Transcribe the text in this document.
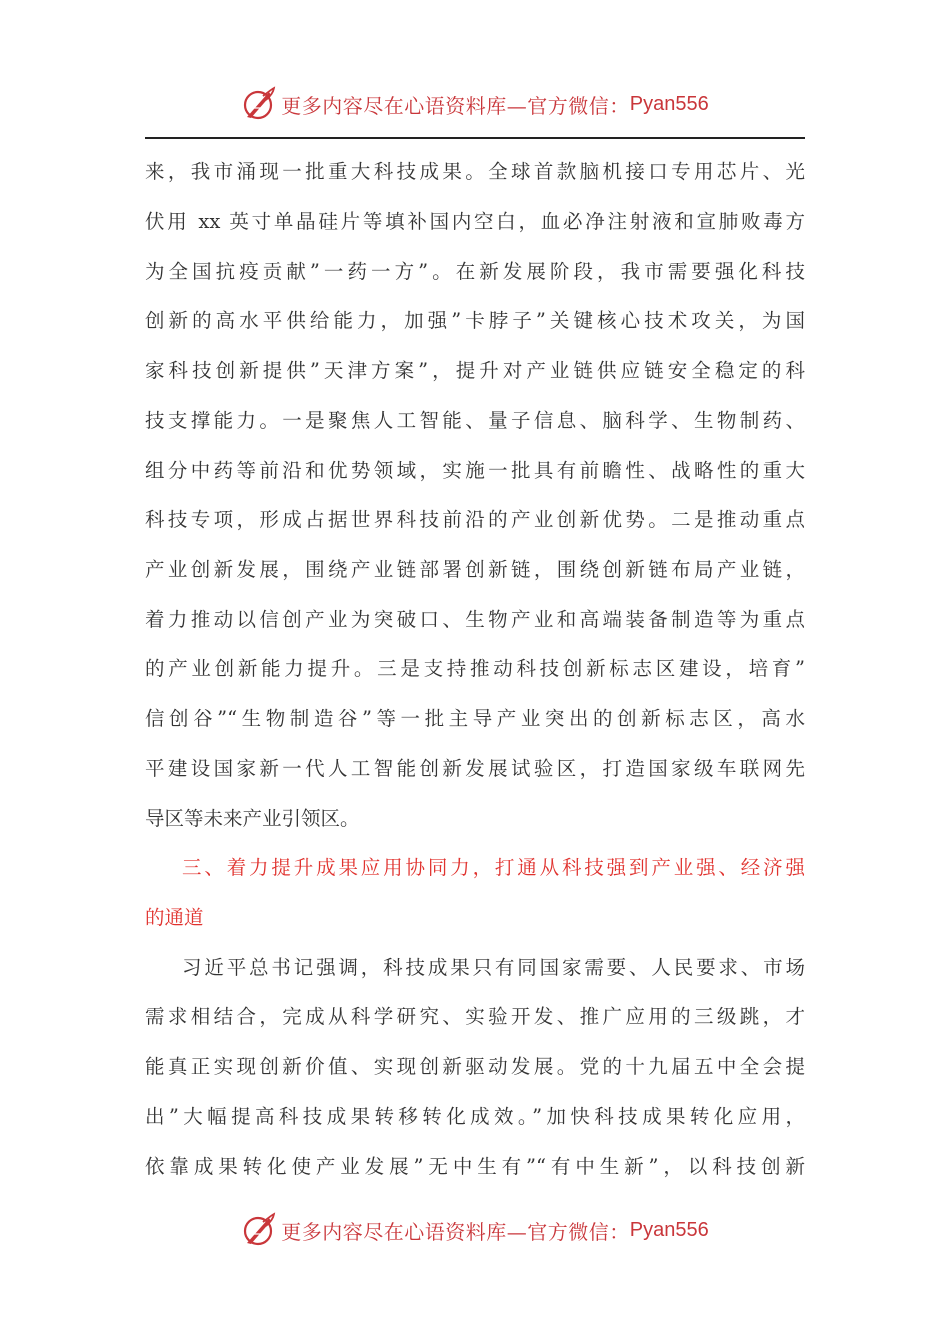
更多内容尽在心语资料库—官方微信： Pyan556
来，我市涌现一批重大科技成果。全球首款脑机接口专用芯片、光
伏用 xx 英寸单晶硅片等填补国内空白，血必净注射液和宣肺败毒方
为全国抗疫贡献”一药一方”。在新发展阶段，我市需要强化科技
创新的高水平供给能力，加强”卡脖子”关键核心技术攻关，为国
家科技创新提供”天津方案”，提升对产业链供应链安全稳定的科
技支撑能力。一是聚焦人工智能、量子信息、脑科学、生物制药、
组分中药等前沿和优势领域，实施一批具有前瞻性、战略性的重大
科技专项，形成占据世界科技前沿的产业创新优势。二是推动重点
产业创新发展，围绕产业链部署创新链，围绕创新链布局产业链，
着力推动以信创产业为突破口、生物产业和高端装备制造等为重点
的产业创新能力提升。三是支持推动科技创新标志区建设，培育”
信创谷”“生物制造谷”等一批主导产业突出的创新标志区，高水
平建设国家新一代人工智能创新发展试验区，打造国家级车联网先
导区等未来产业引领区。
三、着力提升成果应用协同力，打通从科技强到产业强、经济强
的通道
习近平总书记强调，科技成果只有同国家需要、人民要求、市场
需求相结合，完成从科学研究、实验开发、推广应用的三级跳，才
能真正实现创新价值、实现创新驱动发展。党的十九届五中全会提
出”大幅提高科技成果转移转化成效。”加快科技成果转化应用，
依靠成果转化使产业发展”无中生有”“有中生新”，以科技创新
更多内容尽在心语资料库—官方微信： Pyan556
